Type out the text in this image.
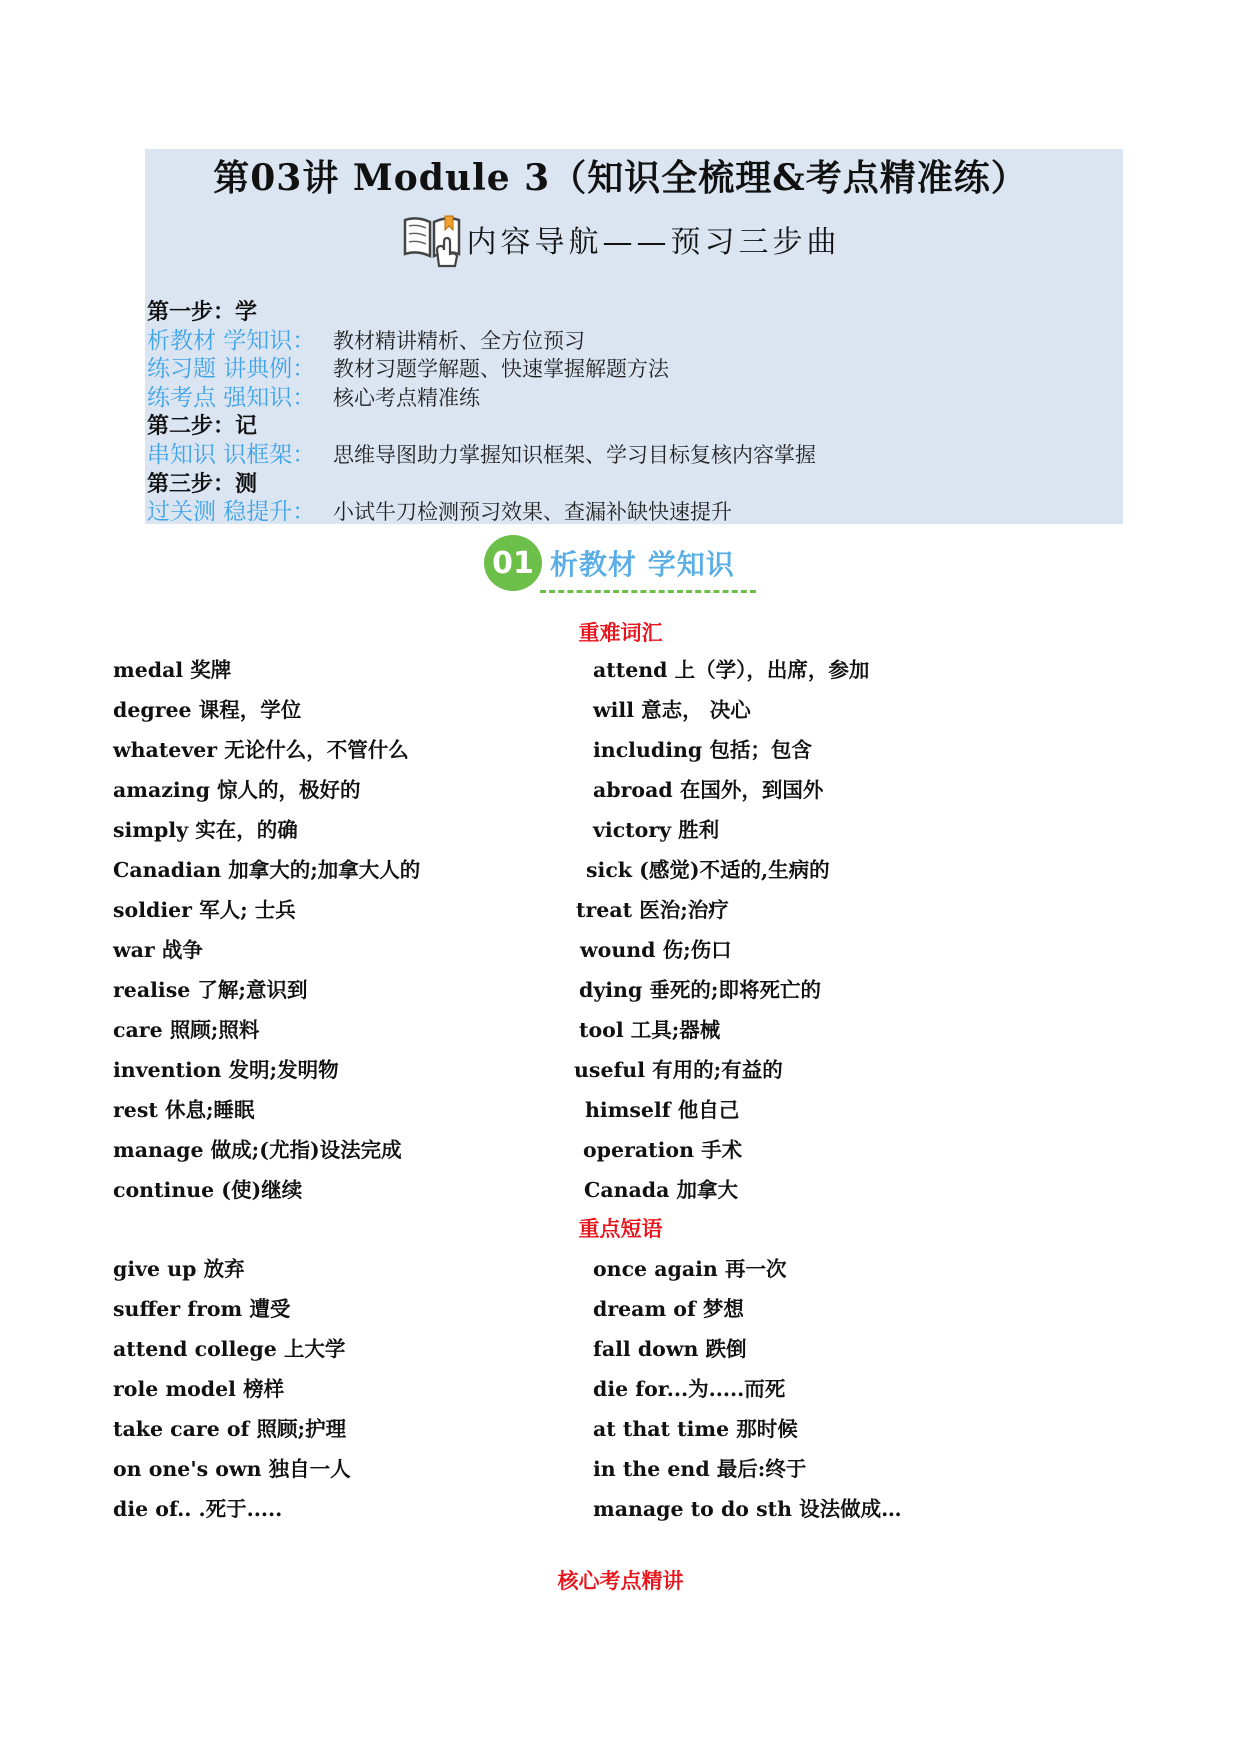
第03讲 Module 3（知识全梳理&考点精准练）
内容导航——预习三步曲
第一步：学
析教材 学知识： 教材精讲精析、全方位预习
练习题 讲典例： 教材习题学解题、快速掌握解题方法
练考点 强知识： 核心考点精准练
第二步：记
串知识 识框架： 思维导图助力掌握知识框架、学习目标复核内容掌握
第三步：测
过关测 稳提升： 小试牛刀检测预习效果、查漏补缺快速提升
01 析教材 学知识
重难词汇
medal 奖牌
degree 课程，学位
whatever 无论什么，不管什么
amazing 惊人的，极好的
simply 实在，的确
Canadian 加拿大的;加拿大人的
soldier 军人; 士兵
war 战争
realise 了解;意识到
care 照顾;照料
invention 发明;发明物
rest 休息;睡眠
manage 做成;(尤指)设法完成
continue (使)继续
attend 上（学），出席，参加
will 意志， 决心
including 包括；包含
abroad 在国外，到国外
victory 胜利
sick (感觉)不适的,生病的
treat 医治;治疗
wound 伤;伤口
dying 垂死的;即将死亡的
tool 工具;器械
useful 有用的;有益的
himself 他自己
operation 手术
Canada 加拿大
重点短语
give up 放弃
suffer from 遭受
attend college 上大学
role model 榜样
take care of 照顾;护理
on one's own 独自一人
die of.. .死于.....
once again 再一次
dream of 梦想
fall down 跌倒
die for...为.....而死
at that time 那时候
in the end 最后:终于
manage to do sth 设法做成…
核心考点精讲
